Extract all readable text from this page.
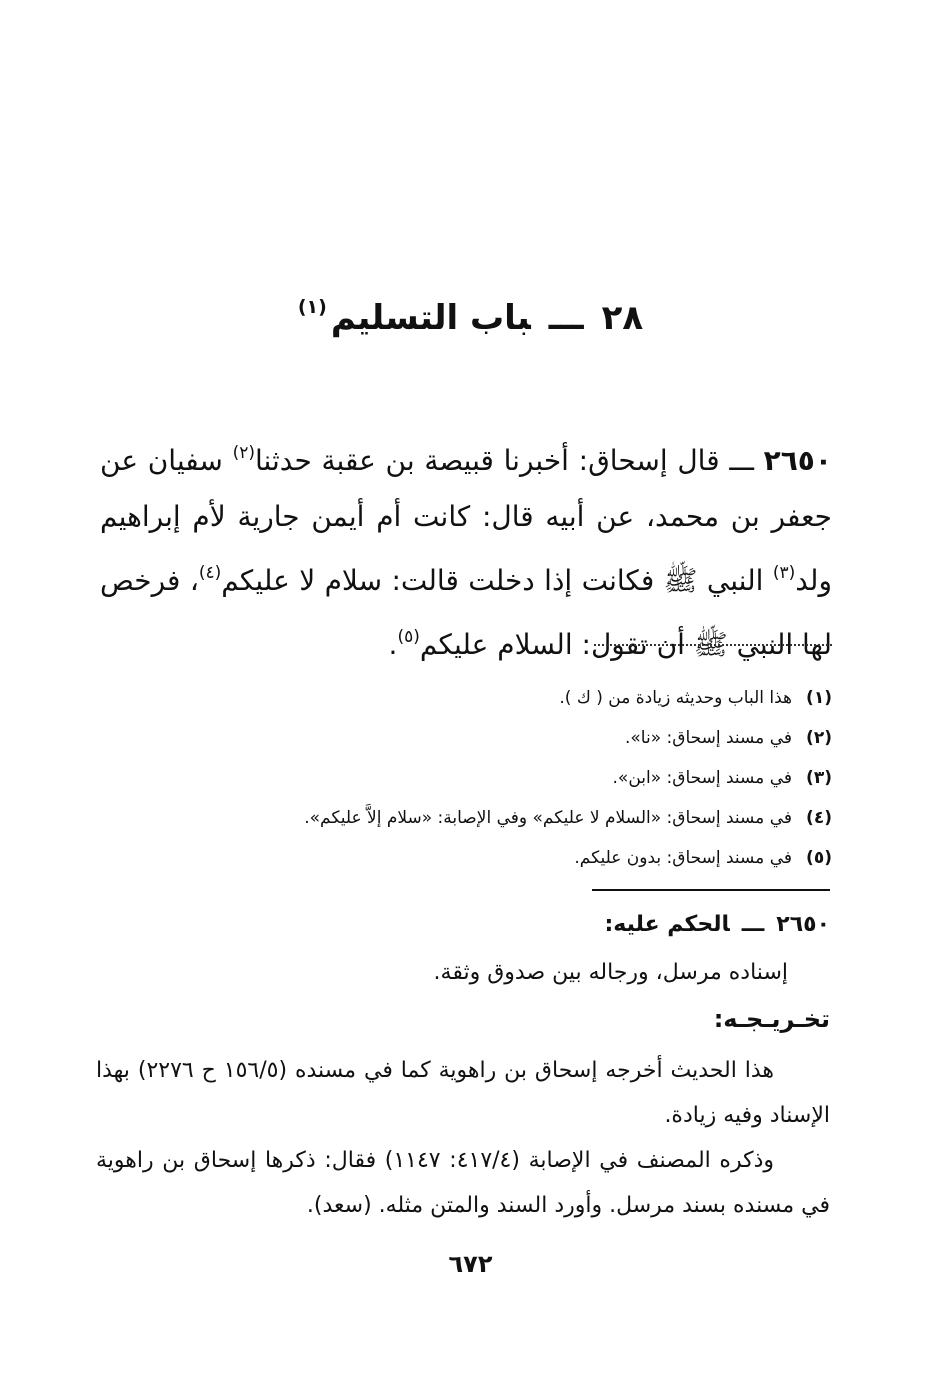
٢٨ـــباب التسليم$^{(١)}$
٢٦٥٠ ـــ قال إسحاق: أخبرنا قبيصة بن عقبة حدثنا$^{(٢)}$ سفيان عن جعفر بن محمد، عن أبيه قال: كانت أم أيمن جارية لأم إبراهيم ولد$^{(٣)}$ النبي ﷺ فكانت إذا دخلت قالت: سلام لا عليكم$^{(٤)}$، فرخص لها النبي ﷺ أن تقول: السلام عليكم$^{(٥)}$.
(١)هذا الباب وحديثه زيادة من ( ك ).
(٢)في مسند إسحاق: «نا».
(٣)في مسند إسحاق: «ابن».
(٤)في مسند إسحاق: «السلام لا عليكم» وفي الإصابة: «سلام إلاَّ عليكم».
(٥)في مسند إسحاق: بدون عليكم.
٢٦٥٠ـــالحكم عليه:
إسناده مرسل، ورجاله بين صدوق وثقة.
تخـريـجـه:

هذا الحديث أخرجه إسحاق بن راهوية كما في مسنده (١٥٦/٥ ح ٢٢٧٦) بهذا الإسناد وفيه زيادة.

وذكره المصنف في الإصابة (٤١٧/٤: ١١٤٧) فقال: ذكرها إسحاق بن راهوية في مسنده بسند مرسل. وأورد السند والمتن مثله. (سعد).

٦٧٢
